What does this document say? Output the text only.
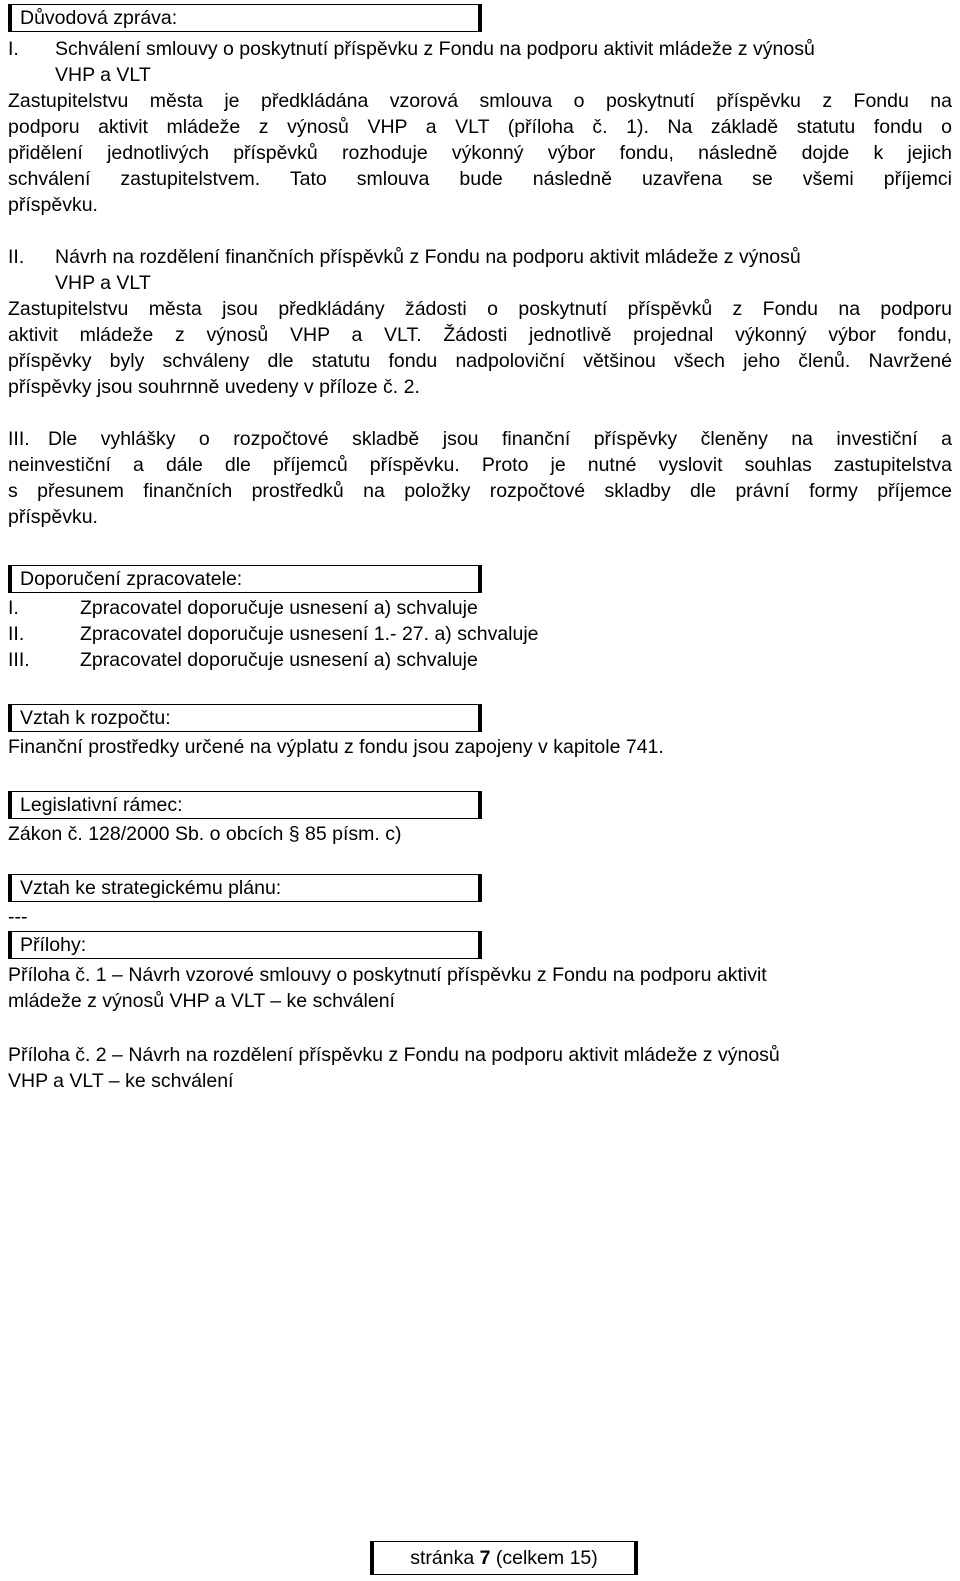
Důvodová zpráva:
I. Schválení smlouvy o poskytnutí příspěvku z Fondu na podporu aktivit mládeže z výnosů
VHP a VLT
Zastupitelstvu města je předkládána vzorová smlouva o poskytnutí příspěvku z Fondu na
podporu aktivit mládeže z výnosů VHP a VLT (příloha č. 1). Na základě statutu fondu o
přidělení jednotlivých příspěvků rozhoduje výkonný výbor fondu, následně dojde k jejich
schválení zastupitelstvem. Tato smlouva bude následně uzavřena se všemi příjemci
příspěvku.
II. Návrh na rozdělení finančních příspěvků z Fondu na podporu aktivit mládeže z výnosů
VHP a VLT
Zastupitelstvu města jsou předkládány žádosti o poskytnutí příspěvků z Fondu na podporu
aktivit mládeže z výnosů VHP a VLT. Žádosti jednotlivě projednal výkonný výbor fondu,
příspěvky byly schváleny dle statutu fondu nadpoloviční většinou všech jeho členů. Navržené
příspěvky jsou souhrnně uvedeny v příloze č. 2.
III. Dle vyhlášky o rozpočtové skladbě jsou finanční příspěvky členěny na investiční a
neinvestiční a dále dle příjemců příspěvku. Proto je nutné vyslovit souhlas zastupitelstva
s přesunem finančních prostředků na položky rozpočtové skladby dle právní formy příjemce
příspěvku.
Doporučení zpracovatele:
I.	Zpracovatel doporučuje usnesení a) schvaluje
II.	Zpracovatel doporučuje usnesení 1.- 27. a) schvaluje
III.	Zpracovatel doporučuje usnesení a) schvaluje
Vztah k rozpočtu:
Finanční prostředky určené na výplatu z fondu jsou zapojeny v kapitole 741.
Legislativní rámec:
Zákon č. 128/2000 Sb. o obcích § 85 písm. c)
Vztah ke strategickému plánu:
---
Přílohy:
Příloha č. 1 – Návrh vzorové smlouvy o poskytnutí příspěvku z Fondu na podporu aktivit
mládeže z výnosů VHP a VLT – ke schválení
Příloha č. 2 – Návrh na rozdělení příspěvku z Fondu na podporu aktivit mládeže z výnosů
VHP a VLT – ke schválení
stránka 7 (celkem 15)
